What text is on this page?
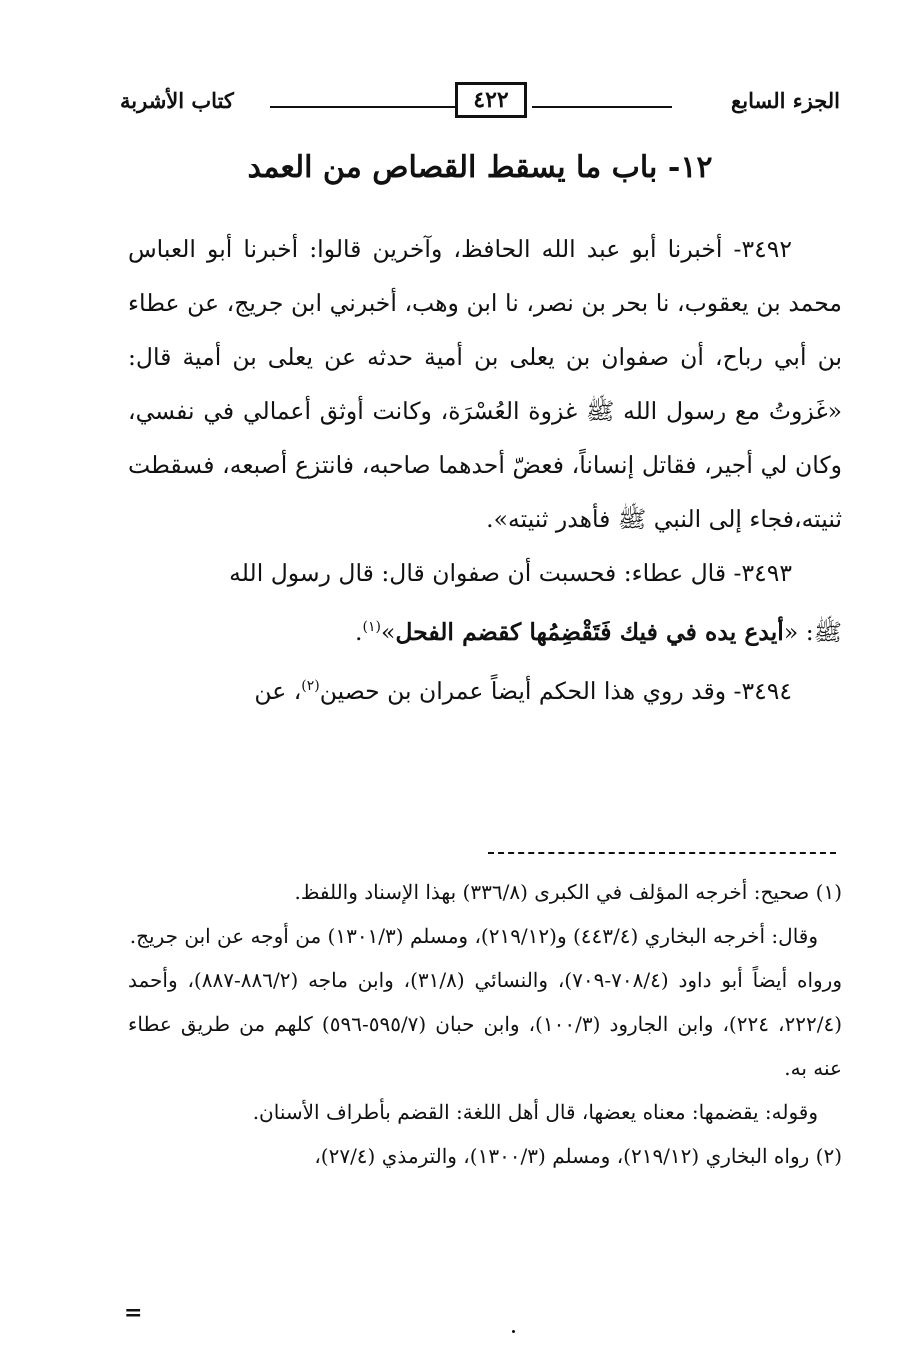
الجزء السابع
٤٢٢
كتاب الأشربة
١٢- باب ما يسقط القصاص من العمد

٣٤٩٢- أخبرنا أبو عبد الله الحافظ، وآخرين قالوا: أخبرنا أبو العباس محمد بن يعقوب، نا بحر بن نصر، نا ابن وهب، أخبرني ابن جريج، عن عطاء بن أبي رباح، أن صفوان بن يعلى بن أمية حدثه عن يعلى بن أمية قال: «غَزوتُ مع رسول الله ﷺ غزوة العُسْرَة، وكانت أوثق أعمالي في نفسي، وكان لي أجير، فقاتل إنساناً، فعضّ أحدهما صاحبه، فانتزع أصبعه، فسقطت ثنيته،فجاء إلى النبي ﷺ فأهدر ثنيته».

٣٤٩٣- قال عطاء: فحسبت أن صفوان قال: قال رسول الله

ﷺ: «أيدع يده في فيك فَتَقْضِمُها كقضم الفحل»$^{(١)}$.

٣٤٩٤- وقد روي هذا الحكم أيضاً عمران بن حصين$^{(٢)}$، عن

(١) صحيح: أخرجه المؤلف في الكبرى (٣٣٦/٨) بهذا الإسناد واللفظ.

وقال: أخرجه البخاري (٤٤٣/٤) و(٢١٩/١٢)، ومسلم (١٣٠١/٣) من أوجه عن ابن جريج.

ورواه أيضاً أبو داود (٧٠٨/٤-٧٠٩)، والنسائي (٣١/٨)، وابن ماجه (٨٨٦/٢-٨٨٧)، وأحمد (٢٢٢/٤، ٢٢٤)، وابن الجارود (١٠٠/٣)، وابن حبان (٥٩٥/٧-٥٩٦) كلهم من طريق عطاء عنه به.

وقوله: يقضمها: معناه يعضها، قال أهل اللغة: القضم بأطراف الأسنان.

(٢) رواه البخاري (٢١٩/١٢)، ومسلم (١٣٠٠/٣)، والترمذي (٢٧/٤)،

=
